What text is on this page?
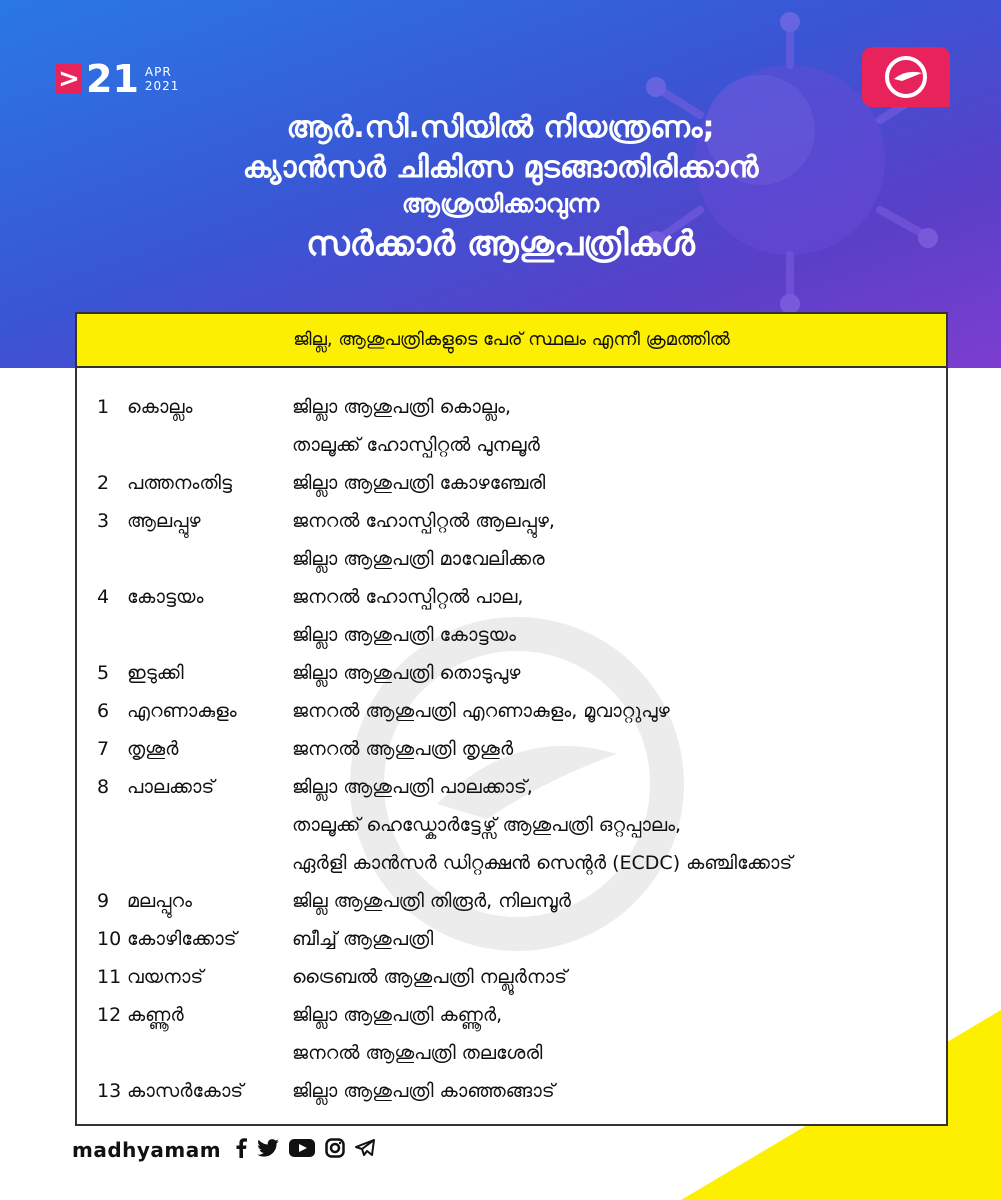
> 21 APR
2021
ആർ.സി.സിയിൽ നിയന്ത്രണം;
ക്യാൻസർ ചികിത്സ മുടങ്ങാതിരിക്കാൻ
ആശ്രയിക്കാവുന്ന
സർക്കാർ ആശുപത്രികൾ
ജില്ല, ആശുപത്രികളുടെ പേര് സ്ഥലം എന്നീ ക്രമത്തിൽ
1 കൊല്ലം	ജില്ലാ ആശുപത്രി കൊല്ലം,
താലൂക്ക് ഹോസ്പിറ്റൽ പുനലൂർ
2 പത്തനംതിട്ട	ജില്ലാ ആശുപത്രി കോഴഞ്ചേരി
3 ആലപ്പുഴ	ജനറൽ ഹോസ്പിറ്റൽ ആലപ്പുഴ,
ജില്ലാ ആശുപത്രി മാവേലിക്കര
4 കോട്ടയം	ജനറൽ ഹോസ്പിറ്റൽ പാല,
ജില്ലാ ആശുപത്രി കോട്ടയം
5 ഇടുക്കി	ജില്ലാ ആശുപത്രി തൊടുപുഴ
6 എറണാകുളം	ജനറൽ ആശുപത്രി എറണാകുളം, മൂവാറ്റുപുഴ
7 തൃശൂർ	ജനറൽ ആശുപത്രി തൃശൂർ
8 പാലക്കാട്	ജില്ലാ ആശുപത്രി പാലക്കാട്,
താലൂക്ക് ഹെഡ്കോർട്ടേഴ്സ് ആശുപത്രി ഒറ്റപ്പാലം,
ഏർളി കാൻസർ ഡിറ്റക്ഷൻ സെന്റർ (ECDC) കഞ്ചിക്കോട്
9 മലപ്പുറം	ജില്ല ആശുപത്രി തിരൂർ, നിലമ്പൂർ
10 കോഴിക്കോട്	ബീച്ച് ആശുപത്രി
11 വയനാട്	ട്രൈബൽ ആശുപത്രി നല്ലൂർനാട്
12 കണ്ണൂർ	ജില്ലാ ആശുപത്രി കണ്ണൂർ,
ജനറൽ ആശുപത്രി തലശേരി
13 കാസർകോട്	ജില്ലാ ആശുപത്രി കാഞ്ഞങ്ങാട്
madhyamam
